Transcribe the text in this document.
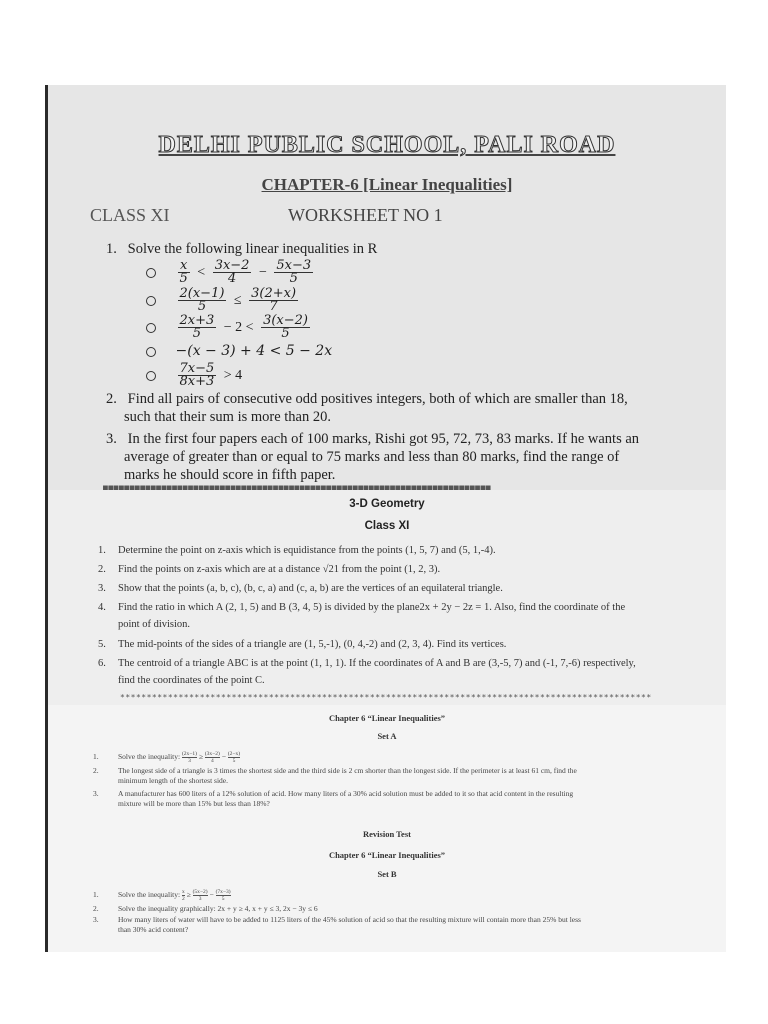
DELHI PUBLIC SCHOOL, PALI ROAD
CHAPTER-6 [Linear Inequalities]
CLASS XI	WORKSHEET NO 1
1. Solve the following linear inequalities in R

$\frac{x}{5} < \frac{3x-2}{4} - \frac{5x-3}{5}$

$\frac{2(x-1)}{5} \le \frac{3(2+x)}{7}$

$\frac{2x+3}{5} - 2 < \frac{3(x-2)}{5}$
−(x − 3) + 4 < 5 − 2x

$\frac{7x-5}{8x+3} > 4$
2. Find all pairs of consecutive odd positives integers, both of which are smaller than 18,
such that their sum is more than 20.
3. In the first four papers each of 100 marks, Rishi got 95, 72, 73, 83 marks. If he wants an
average of greater than or equal to 75 marks and less than 80 marks, find the range of
marks he should score in fifth paper.
■■■■■■■■■■■■■■■■■■■■■■■■■■■■■■■■■■■■■■■■■■■■■■■■■■■■■■■■■■■■■■■■■■■■■■■■■
3-D Geometry
Class XI
1. Determine the point on z-axis which is equidistance from the points (1, 5, 7) and (5, 1,-4).
2. Find the points on z-axis which are at a distance √21 from the point (1, 2, 3).
3. Show that the points (a, b, c), (b, c, a) and (c, a, b) are the vertices of an equilateral triangle.
4. Find the ratio in which A (2, 1, 5) and B (3, 4, 5) is divided by the plane2x + 2y − 2z = 1. Also, find the coordinate of the
point of division.
5. The mid-points of the sides of a triangle are (1, 5,-1), (0, 4,-2) and (2, 3, 4). Find its vertices.
6. The centroid of a triangle ABC is at the point (1, 1, 1). If the coordinates of A and B are (3,-5, 7) and (-1, 7,-6) respectively,
find the coordinates of the point C.
****************************************************************************************************
Chapter 6 “Linear Inequalities”
Set A
1.	Solve the inequality: $\frac{(2x-1)}{3} \ge \frac{(3x-2)}{4} - \frac{(2-x)}{5}$
2.	The longest side of a triangle is 3 times the shortest side and the third side is 2 cm shorter than the longest side. If the perimeter is at least 61 cm, find the
minimum length of the shortest side.
3.	A manufacturer has 600 liters of a 12% solution of acid. How many liters of a 30% acid solution must be added to it so that acid content in the resulting
mixture will be more than 15% but less than 18%?
Revision Test
Chapter 6 “Linear Inequalities”
Set B
1.	Solve the inequality: $\frac{x}{2} \ge \frac{(5x-2)}{3} - \frac{(7x-3)}{5}$
2.	Solve the inequality graphically: 2x + y ≥ 4, x + y ≤ 3, 2x − 3y ≤ 6
3.	How many liters of water will have to be added to 1125 liters of the 45% solution of acid so that the resulting mixture will contain more than 25% but less
than 30% acid content?
